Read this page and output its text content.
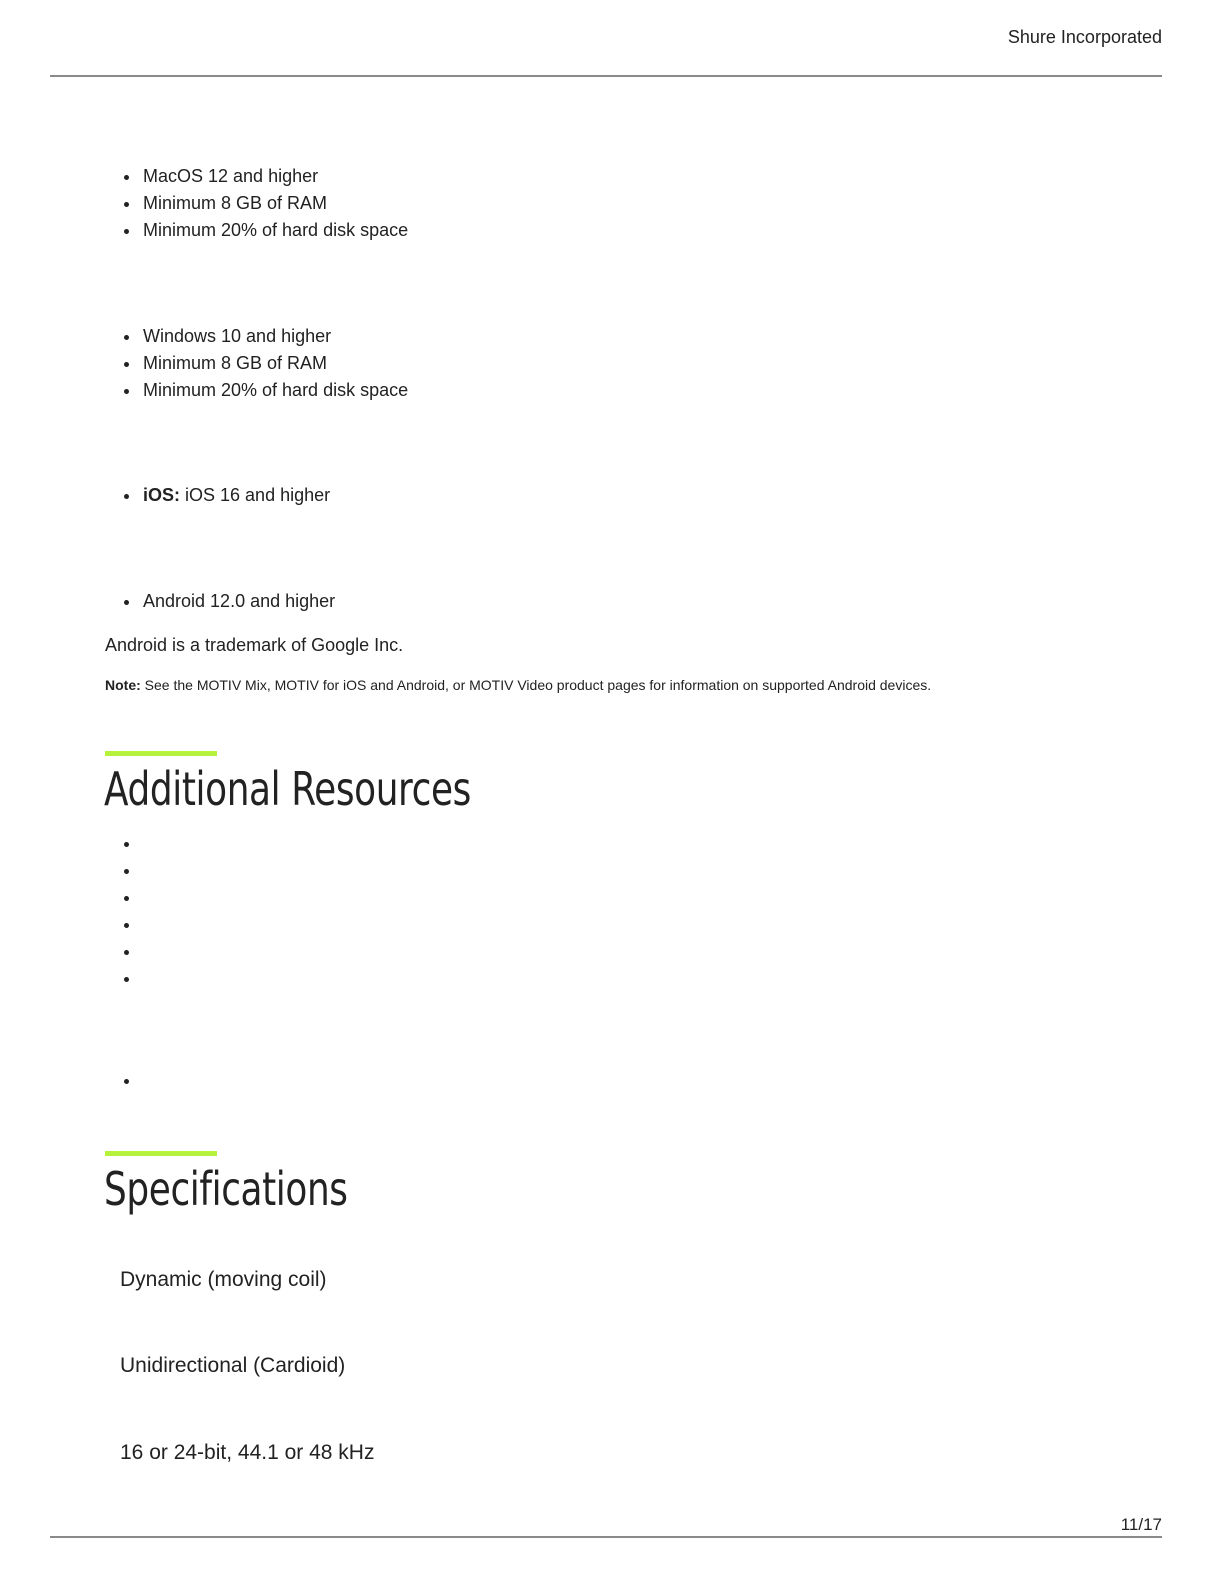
Shure Incorporated
MacOS 12 and higher
Minimum 8 GB of RAM
Minimum 20% of hard disk space
Windows 10 and higher
Minimum 8 GB of RAM
Minimum 20% of hard disk space
iOS: iOS 16 and higher
Android 12.0 and higher
Android is a trademark of Google Inc.
Note: See the MOTIV Mix, MOTIV for iOS and Android, or MOTIV Video product pages for information on supported Android devices.
Additional Resources
Specifications
Dynamic (moving coil)
Unidirectional (Cardioid)
16 or 24-bit, 44.1 or 48 kHz
11/17
